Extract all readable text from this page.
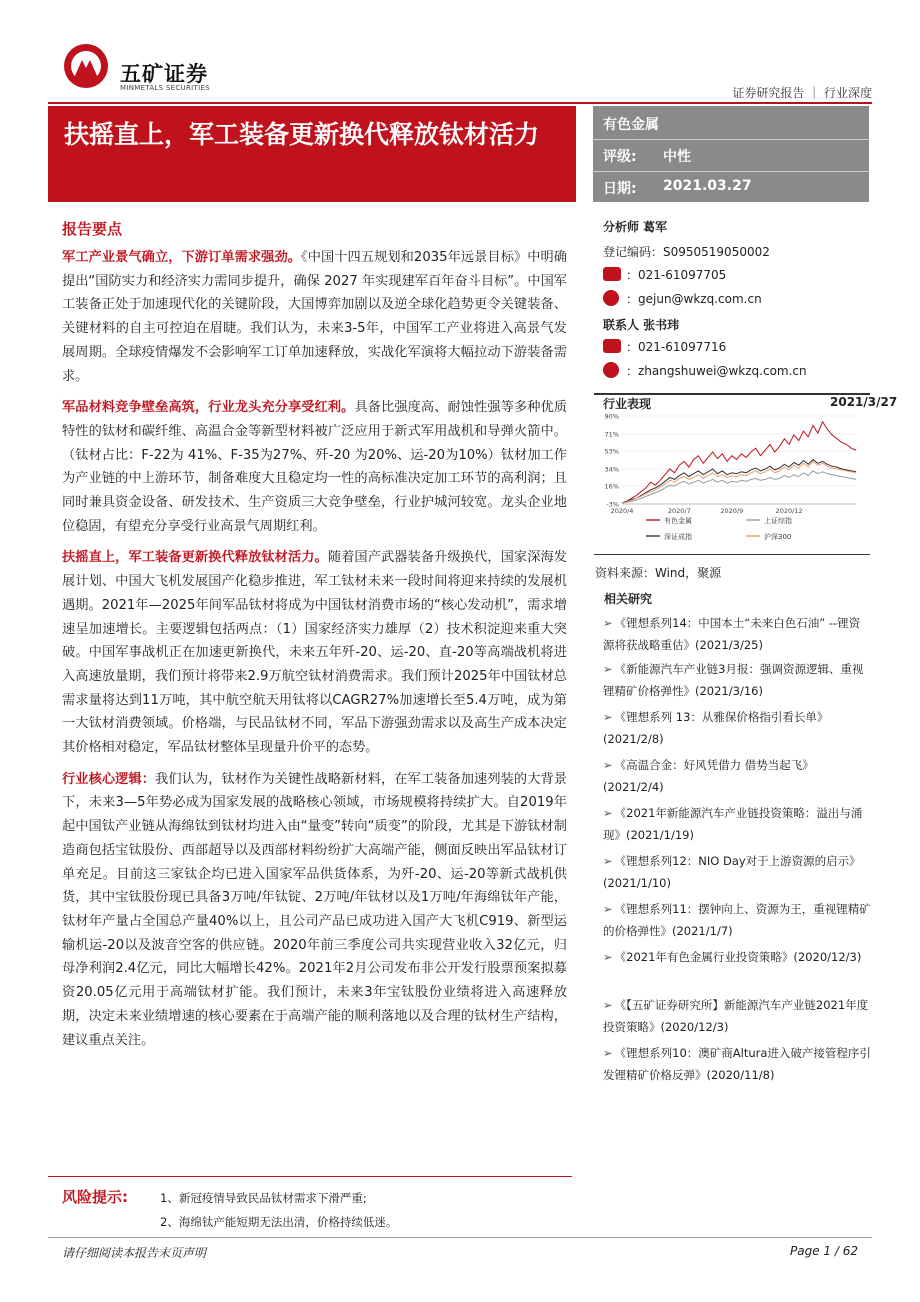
五矿证券
MINMETALS SECURITIES	证券研究报告 ｜ 行业深度
扶摇直上，军工装备更新换代释放钛材活力	有色金属
评级: 中性
日期: 2021.03.27
报告要点

军工产业景气确立，下游订单需求强劲。《中国十四五规划和2035年远景目标》中明确提出“国防实力和经济实力需同步提升，确保 2027 年实现建军百年奋斗目标”。中国军工装备正处于加速现代化的关键阶段，大国博弈加剧以及逆全球化趋势更令关键装备、关键材料的自主可控迫在眉睫。我们认为，未来3-5年，中国军工产业将进入高景气发展周期。全球疫情爆发不会影响军工订单加速释放，实战化军演将大幅拉动下游装备需求。

军品材料竞争壁垒高筑，行业龙头充分享受红利。具备比强度高、耐蚀性强等多种优质特性的钛材和碳纤维、高温合金等新型材料被广泛应用于新式军用战机和导弹火箭中。（钛材占比：F-22为 41%、F-35为27%、歼-20 为20%、运-20为10%）钛材加工作为产业链的中上游环节，制备难度大且稳定均一性的高标准决定加工环节的高利润；且同时兼具资金设备、研发技术、生产资质三大竞争壁垒，行业护城河较宽。龙头企业地位稳固，有望充分享受行业高景气周期红利。

扶摇直上，军工装备更新换代释放钛材活力。随着国产武器装备升级换代，国家深海发展计划、中国大飞机发展国产化稳步推进，军工钛材未来一段时间将迎来持续的发展机遇期。2021年—2025年间军品钛材将成为中国钛材消费市场的“核心发动机”，需求增速呈加速增长。主要逻辑包括两点：（1）国家经济实力雄厚（2）技术积淀迎来重大突破。中国军事战机正在加速更新换代，未来五年歼-20、运-20、直-20等高端战机将进入高速放量期，我们预计将带来2.9万航空钛材消费需求。我们预计2025年中国钛材总需求量将达到11万吨，其中航空航天用钛将以CAGR27%加速增长至5.4万吨，成为第一大钛材消费领域。价格端，与民品钛材不同，军品下游强劲需求以及高生产成本决定其价格相对稳定，军品钛材整体呈现量升价平的态势。

行业核心逻辑：我们认为，钛材作为关键性战略新材料，在军工装备加速列装的大背景下，未来3—5年势必成为国家发展的战略核心领域，市场规模将持续扩大。自2019年起中国钛产业链从海绵钛到钛材均进入由“量变”转向“质变”的阶段，尤其是下游钛材制造商包括宝钛股份、西部超导以及西部材料纷纷扩大高端产能，侧面反映出军品钛材订单充足。目前这三家钛企均已进入国家军品供货体系，为歼-20、运-20等新式战机供货，其中宝钛股份现已具备3万吨/年钛锭、2万吨/年钛材以及1万吨/年海绵钛年产能，钛材年产量占全国总产量40%以上，且公司产品已成功进入国产大飞机C919、新型运输机运-20以及波音空客的供应链。2020年前三季度公司共实现营业收入32亿元，归母净利润2.4亿元，同比大幅增长42%。2021年2月公司发布非公开发行股票预案拟募资20.05亿元用于高端钛材扩能。我们预计，未来3年宝钛股份业绩将进入高速释放期，决定未来业绩增速的核心要素在于高端产能的顺利落地以及合理的钛材生产结构，建议重点关注。

风险提示:	1、新冠疫情导致民品钛材需求下滑严重;
2、海绵钛产能短期无法出清，价格持续低迷。
请仔细阅读本报告末页声明	Page 1 / 62
分析师 葛军
登记编码：S0950519050002
：021-61097705
：gejun@wkzq.com.cn
联系人 张书玮
：021-61097716
：zhangshuwei@wkzq.com.cn
行业表现	2021/3/27
90%
71%
53%
34%
16%
-3%
2020/4	2020/7	2020/9	2020/12
有色金属	上证综指
深证成指	沪深300
资料来源：Wind，聚源
相关研究
➢ 《锂想系列14：中国本土“未来白色石油” --锂资源将获战略重估》(2021/3/25)
➢ 《新能源汽车产业链3月报：强调资源逻辑、重视锂精矿价格弹性》(2021/3/16)
➢ 《锂想系列 13：从雅保价格指引看长单》(2021/2/8)
➢ 《高温合金：好风凭借力 借势当起飞》(2021/2/4)
➢ 《2021年新能源汽车产业链投资策略：溢出与涌现》(2021/1/19)
➢ 《锂想系列12：NIO Day对于上游资源的启示》(2021/1/10)
➢ 《锂想系列11：摆钟向上、资源为王，重视锂精矿的价格弹性》(2021/1/7)
➢ 《2021年有色金属行业投资策略》(2020/12/3)
➢ 《【五矿证券研究所】新能源汽车产业链2021年度投资策略》(2020/12/3)
➢ 《锂想系列10：澳矿商Altura进入破产接管程序引发锂精矿价格反弹》(2020/11/8)
